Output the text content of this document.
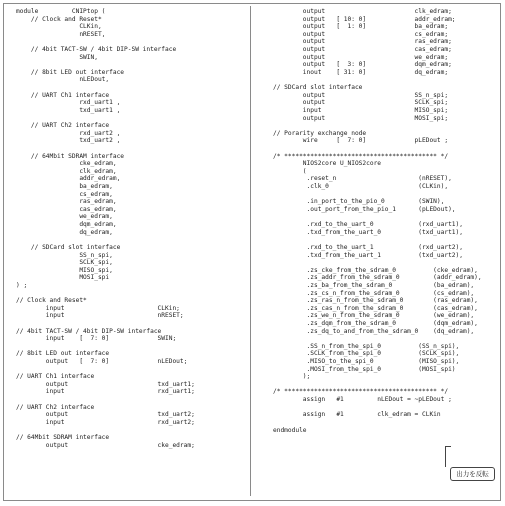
module         CNIPtop (
// Clock and Reset*
CLKin,
nRESET,

// 4bit TACT-SW / 4bit DIP-SW interface
SWIN,

// 8bit LED out interface
nLEDout,

// UART Ch1 interface
rxd_uart1 ,
txd_uart1 ,

// UART Ch2 interface
rxd_uart2 ,
txd_uart2 ,

// 64Mbit SDRAM interface
cke_edram,
clk_edram,
addr_edram,
ba_edram,
cs_edram,
ras_edram,
cas_edram,
we_edram,
dqm_edram,
dq_edram,

// SDCard slot interface
SS_n_spi,
SCLK_spi,
MISO_spi,
MOSI_spi
) ;

// Clock and Reset*
input                         CLKin;
input                         nRESET;

// 4bit TACT-SW / 4bit DIP-SW interface
input    [  7: 0]             SWIN;

// 8bit LED out interface
output   [  7: 0]             nLEDout;

// UART Ch1 interface
output                        txd_uart1;
input                         rxd_uart1;

// UART Ch2 interface
output                        txd_uart2;
input                         rxd_uart2;

// 64Mbit SDRAM interface
output                        cke_edram;
output                        clk_edram;
output   [ 10: 0]             addr_edram;
output   [  1: 0]             ba_edram;
output                        cs_edram;
output                        ras_edram;
output                        cas_edram;
output                        we_edram;
output   [  3: 0]             dqm_edram;
inout    [ 31: 0]             dq_edram;

// SDCard slot interface
output                        SS_n_spi;
output                        SCLK_spi;
input                         MISO_spi;
output                        MOSI_spi;

// Porarity exchange node
wire     [  7: 0]             pLEDout ;

/* ***************************************** */
NIOS2core U_NIOS2core
(
.reset_n                      (nRESET),
.clk_0                        (CLKin),

.in_port_to_the_pio_0         (SWIN),
.out_port_from_the_pio_1      (pLEDout),

.rxd_to_the_uart_0            (rxd_uart1),
.txd_from_the_uart_0          (txd_uart1),

.rxd_to_the_uart_1            (rxd_uart2),
.txd_from_the_uart_1          (txd_uart2),

.zs_cke_from_the_sdram_0          (cke_edram),
.zs_addr_from_the_sdram_0         (addr_edram),
.zs_ba_from_the_sdram_0           (ba_edram),
.zs_cs_n_from_the_sdram_0         (cs_edram),
.zs_ras_n_from_the_sdram_0        (ras_edram),
.zs_cas_n_from_the_sdram_0        (cas_edram),
.zs_we_n_from_the_sdram_0         (we_edram),
.zs_dqm_from_the_sdram_0          (dqm_edram),
.zs_dq_to_and_from_the_sdram_0    (dq_edram),

.SS_n_from_the_spi_0          (SS_n_spi),
.SCLK_from_the_spi_0          (SCLK_spi),
.MISO_to_the_spi_0            (MISO_spi),
.MOSI_from_the_spi_0          (MOSI_spi)
);

/* ***************************************** */
assign   #1         nLEDout = ~pLEDout ;

assign   #1         clk_edram = CLKin

endmodule
出力を反転
